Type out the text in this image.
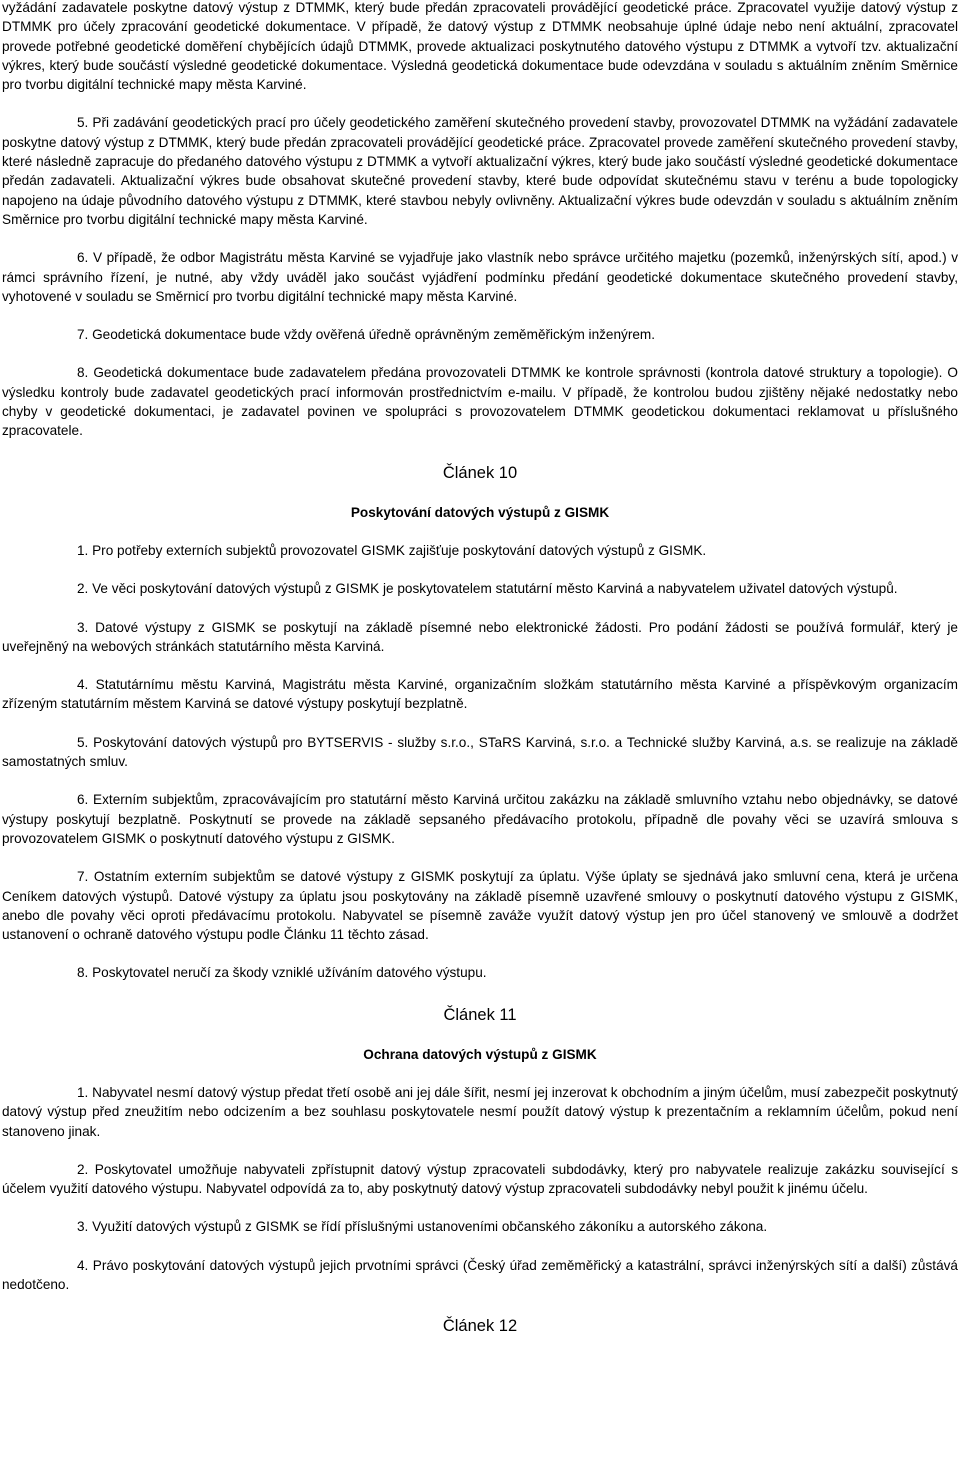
vyžádání zadavatele poskytne datový výstup z DTMMK, který bude předán zpracovateli provádějící geodetické práce. Zpracovatel využije datový výstup z DTMMK pro účely zpracování geodetické dokumentace. V případě, že datový výstup z DTMMK neobsahuje úplné údaje nebo není aktuální, zpracovatel provede potřebné geodetické doměření chybějících údajů DTMMK, provede aktualizaci poskytnutého datového výstupu z DTMMK a vytvoří tzv. aktualizační výkres, který bude součástí výsledné geodetické dokumentace. Výsledná geodetická dokumentace bude odevzdána v souladu s aktuálním zněním Směrnice pro tvorbu digitální technické mapy města Karviné.

5. Při zadávání geodetických prací pro účely geodetického zaměření skutečného provedení stavby, provozovatel DTMMK na vyžádání zadavatele poskytne datový výstup z DTMMK, který bude předán zpracovateli provádějící geodetické práce. Zpracovatel provede zaměření skutečného provedení stavby, které následně zapracuje do předaného datového výstupu z DTMMK a vytvoří aktualizační výkres, který bude jako součástí výsledné geodetické dokumentace předán zadavateli. Aktualizační výkres bude obsahovat skutečné provedení stavby, které bude odpovídat skutečnému stavu v terénu a bude topologicky napojeno na údaje původního datového výstupu z DTMMK, které stavbou nebyly ovlivněny. Aktualizační výkres bude odevzdán v souladu s aktuálním zněním Směrnice pro tvorbu digitální technické mapy města Karviné.

6. V případě, že odbor Magistrátu města Karviné se vyjadřuje jako vlastník nebo správce určitého majetku (pozemků, inženýrských sítí, apod.) v rámci správního řízení, je nutné, aby vždy uváděl jako součást vyjádření podmínku předání geodetické dokumentace skutečného provedení stavby, vyhotovené v souladu se Směrnicí pro tvorbu digitální technické mapy města Karviné.

7. Geodetická dokumentace bude vždy ověřená úředně oprávněným zeměměřickým inženýrem.

8. Geodetická dokumentace bude zadavatelem předána provozovateli DTMMK ke kontrole správnosti (kontrola datové struktury a topologie). O výsledku kontroly bude zadavatel geodetických prací informován prostřednictvím e-mailu. V případě, že kontrolou budou zjištěny nějaké nedostatky nebo chyby v geodetické dokumentaci, je zadavatel povinen ve spolupráci s provozovatelem DTMMK geodetickou dokumentaci reklamovat u příslušného zpracovatele.

Článek 10

Poskytování datových výstupů z GISMK

1. Pro potřeby externích subjektů provozovatel GISMK zajišťuje poskytování datových výstupů z GISMK.

2. Ve věci poskytování datových výstupů z GISMK je poskytovatelem statutární město Karviná a nabyvatelem uživatel datových výstupů.

3. Datové výstupy z GISMK se poskytují na základě písemné nebo elektronické žádosti. Pro podání žádosti se používá formulář, který je uveřejněný na webových stránkách statutárního města Karviná.

4. Statutárnímu městu Karviná, Magistrátu města Karviné, organizačním složkám statutárního města Karviné a příspěvkovým organizacím zřízeným statutárním městem Karviná se datové výstupy poskytují bezplatně.

5. Poskytování datových výstupů pro BYTSERVIS - služby s.r.o., STaRS Karviná, s.r.o. a Technické služby Karviná, a.s. se realizuje na základě samostatných smluv.

6. Externím subjektům, zpracovávajícím pro statutární město Karviná určitou zakázku na základě smluvního vztahu nebo objednávky, se datové výstupy poskytují bezplatně. Poskytnutí se provede na základě sepsaného předávacího protokolu, případně dle povahy věci se uzavírá smlouva s provozovatelem GISMK o poskytnutí datového výstupu z GISMK.

7. Ostatním externím subjektům se datové výstupy z GISMK poskytují za úplatu. Výše úplaty se sjednává jako smluvní cena, která je určena Ceníkem datových výstupů. Datové výstupy za úplatu jsou poskytovány na základě písemně uzavřené smlouvy o poskytnutí datového výstupu z GISMK, anebo dle povahy věci oproti předávacímu protokolu. Nabyvatel se písemně zaváže využít datový výstup jen pro účel stanovený ve smlouvě a dodržet ustanovení o ochraně datového výstupu podle Článku 11 těchto zásad.

8. Poskytovatel neručí za škody vzniklé užíváním datového výstupu.

Článek 11

Ochrana datových výstupů z GISMK

1. Nabyvatel nesmí datový výstup předat třetí osobě ani jej dále šířit, nesmí jej inzerovat k obchodním a jiným účelům, musí zabezpečit poskytnutý datový výstup před zneužitím nebo odcizením a bez souhlasu poskytovatele nesmí použít datový výstup k prezentačním a reklamním účelům, pokud není stanoveno jinak.

2. Poskytovatel umožňuje nabyvateli zpřístupnit datový výstup zpracovateli subdodávky, který pro nabyvatele realizuje zakázku související s účelem využití datového výstupu. Nabyvatel odpovídá za to, aby poskytnutý datový výstup zpracovateli subdodávky nebyl použit k jinému účelu.

3. Využití datových výstupů z GISMK se řídí příslušnými ustanoveními občanského zákoníku a autorského zákona.

4. Právo poskytování datových výstupů jejich prvotními správci (Český úřad zeměměřický a katastrální, správci inženýrských sítí a další) zůstává nedotčeno.

Článek 12
